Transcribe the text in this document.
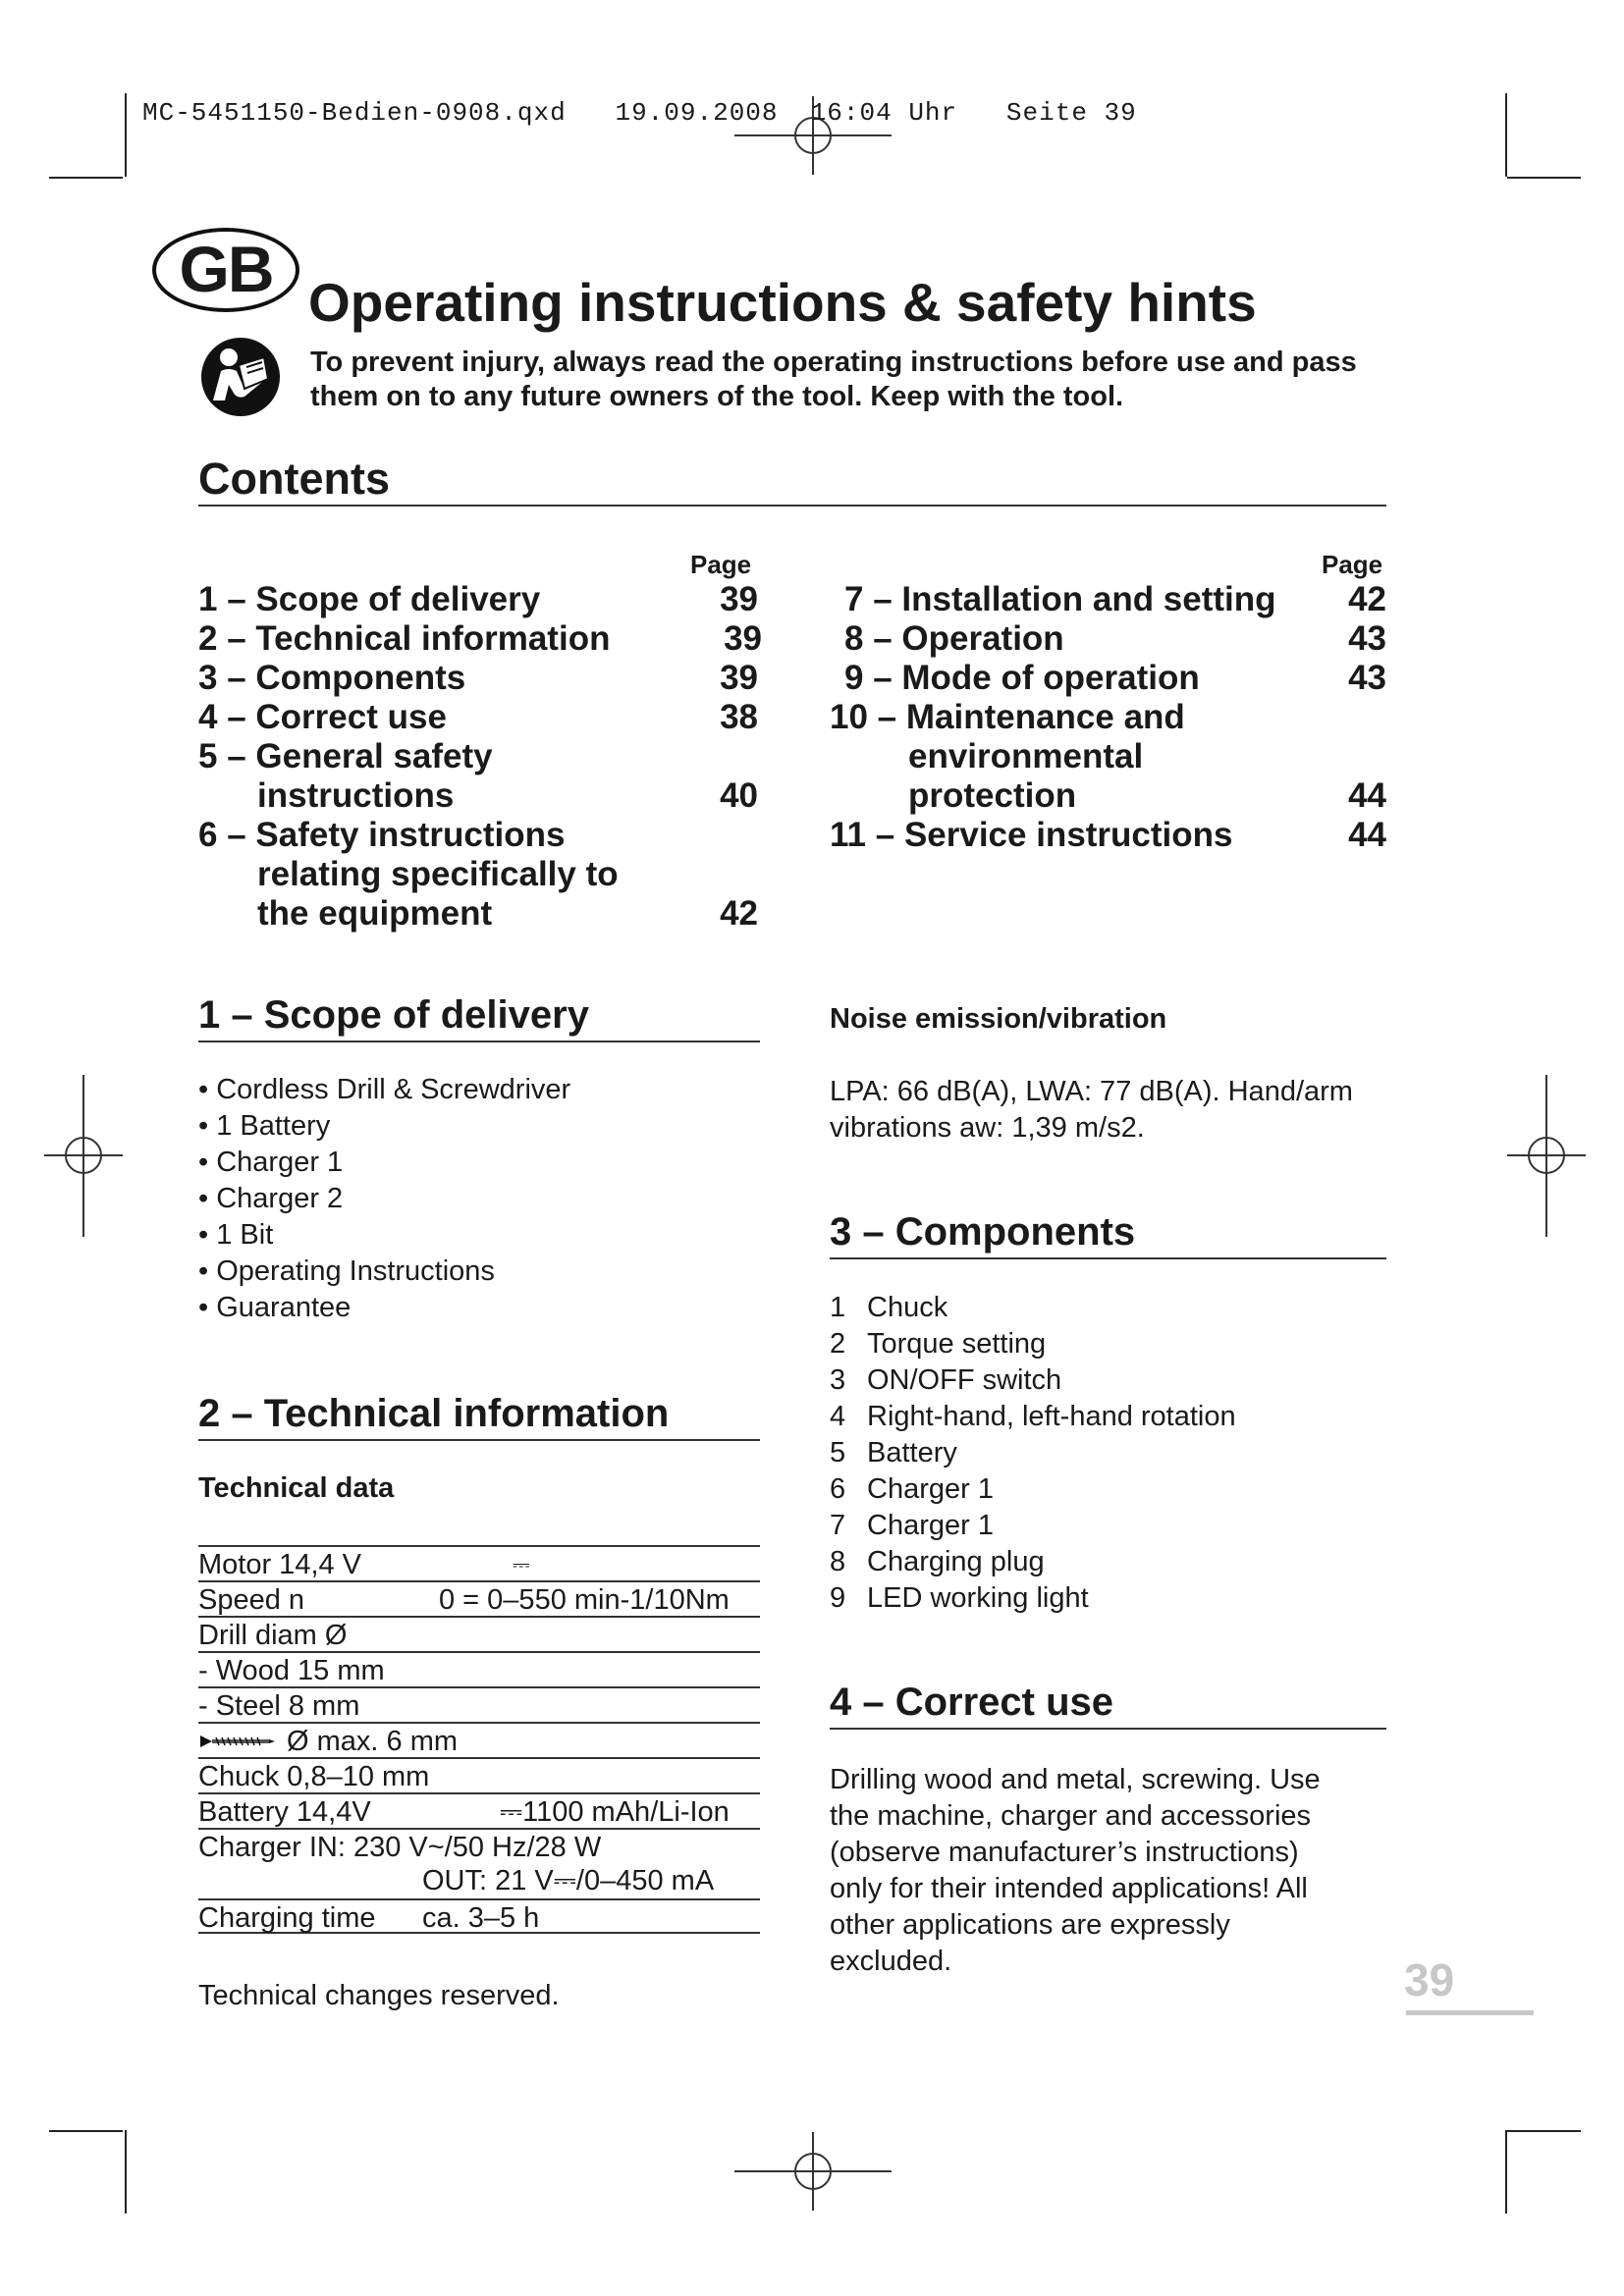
MC-5451150-Bedien-0908.qxd   19.09.2008  16:04 Uhr   Seite 39
GB Operating instructions & safety hints
To prevent injury, always read the operating instructions before use and pass them on to any future owners of the tool. Keep with the tool.
Contents
Page	Page
1 – Scope of delivery	39
2 – Technical information	39
3 – Components	39
4 – Correct use	38
5 – General safety
instructions	40
6 – Safety instructions
relating specifically to
the equipment	42
7 – Installation and setting 42
8 – Operation	43
9 – Mode of operation	43
10 – Maintenance and
environmental
protection	44
11 – Service instructions	44
1 – Scope of delivery
• Cordless Drill & Screwdriver
• 1 Battery
• Charger 1
• Charger 2
• 1 Bit
• Operating Instructions
• Guarantee
2 – Technical information
Technical data
Motor 14,4 V	⎓
Speed n	0 = 0–550 min-1/10Nm
Drill diam Ø
- Wood 15 mm
- Steel 8 mm
Ø max. 6 mm
Chuck 0,8–10 mm
Battery 14,4V	⎓1100 mAh/Li-Ion
Charger IN: 230 V~/50 Hz/28 W
OUT: 21 V⎓/0–450 mA
Charging time ca. 3–5 h
Technical changes reserved.
Noise emission/vibration
LPA: 66 dB(A), LWA: 77 dB(A). Hand/arm
vibrations aw: 1,39 m/s2.
3 – Components
1 Chuck
2 Torque setting
3 ON/OFF switch
4 Right-hand, left-hand rotation
5 Battery
6 Charger 1
7 Charger 1
8 Charging plug
9 LED working light
4 – Correct use
Drilling wood and metal, screwing. Use
the machine, charger and accessories
(observe manufacturer’s instructions)
only for their intended applications! All
other applications are expressly
excluded.	39
